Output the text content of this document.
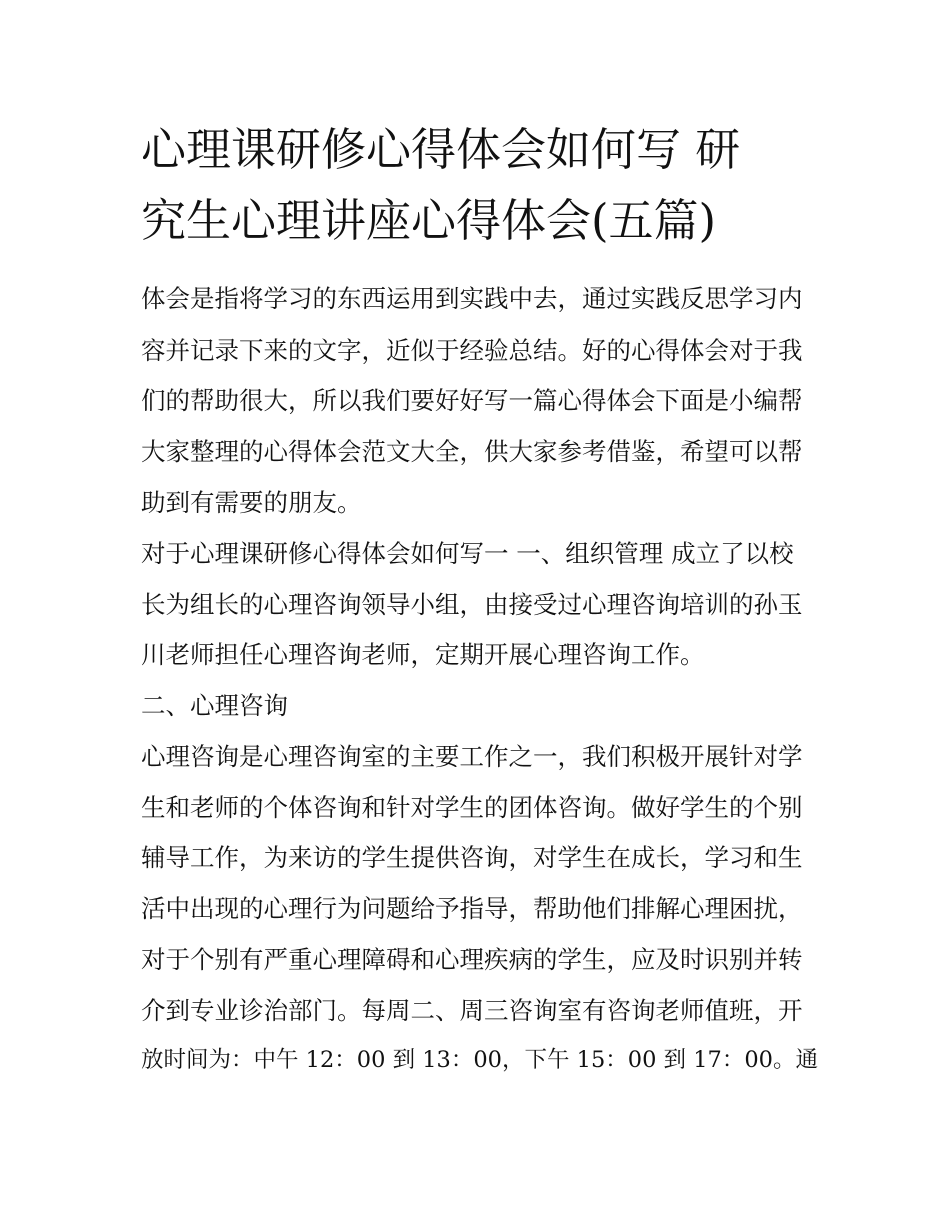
心理课研修心得体会如何写 研
究生心理讲座心得体会(五篇)
体会是指将学习的东西运用到实践中去，通过实践反思学习内
容并记录下来的文字，近似于经验总结。好的心得体会对于我
们的帮助很大，所以我们要好好写一篇心得体会下面是小编帮
大家整理的心得体会范文大全，供大家参考借鉴，希望可以帮
助到有需要的朋友。
对于心理课研修心得体会如何写一 一、组织管理 成立了以校
长为组长的心理咨询领导小组，由接受过心理咨询培训的孙玉
川老师担任心理咨询老师，定期开展心理咨询工作。
二、心理咨询
心理咨询是心理咨询室的主要工作之一，我们积极开展针对学
生和老师的个体咨询和针对学生的团体咨询。做好学生的个别
辅导工作，为来访的学生提供咨询，对学生在成长，学习和生
活中出现的心理行为问题给予指导，帮助他们排解心理困扰，
对于个别有严重心理障碍和心理疾病的学生，应及时识别并转
介到专业诊治部门。每周二、周三咨询室有咨询老师值班，开
放时间为：中午 12：00 到 13：00，下午 15：00 到 17：00。通
